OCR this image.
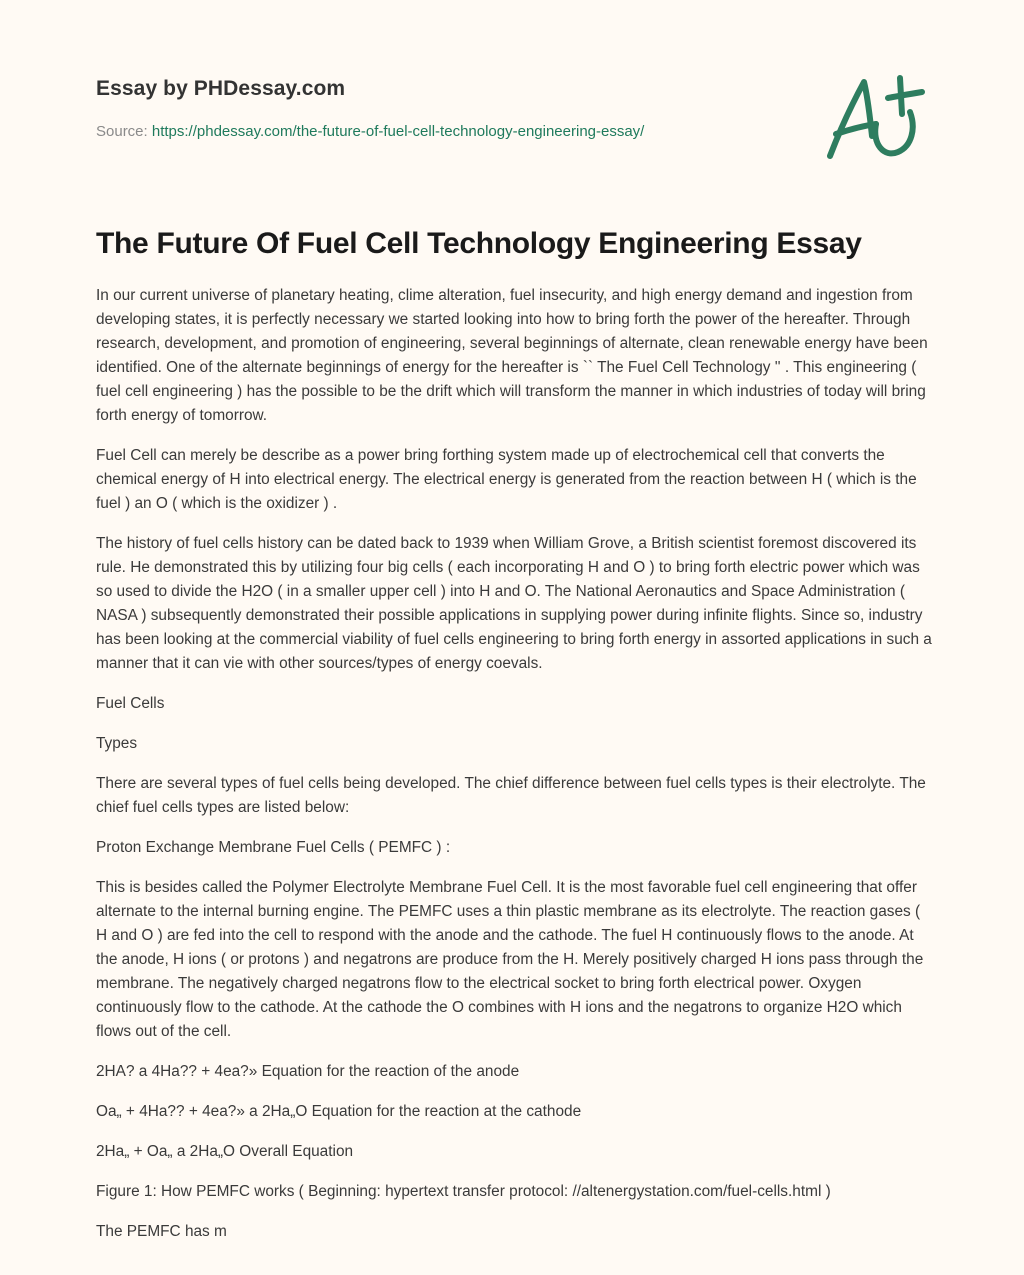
Essay by PHDessay.com
Source: https://phdessay.com/the-future-of-fuel-cell-technology-engineering-essay/
The Future Of Fuel Cell Technology Engineering Essay

In our current universe of planetary heating, clime alteration, fuel insecurity, and high energy demand and ingestion from developing states, it is perfectly necessary we started looking into how to bring forth the power of the hereafter. Through research, development, and promotion of engineering, several beginnings of alternate, clean renewable energy have been identified. One of the alternate beginnings of energy for the hereafter is `` The Fuel Cell Technology '' . This engineering ( fuel cell engineering ) has the possible to be the drift which will transform the manner in which industries of today will bring forth energy of tomorrow.

Fuel Cell can merely be describe as a power bring forthing system made up of electrochemical cell that converts the chemical energy of H into electrical energy. The electrical energy is generated from the reaction between H ( which is the fuel ) an O ( which is the oxidizer ) .

The history of fuel cells history can be dated back to 1939 when William Grove, a British scientist foremost discovered its rule. He demonstrated this by utilizing four big cells ( each incorporating H and O ) to bring forth electric power which was so used to divide the H2O ( in a smaller upper cell ) into H and O. The National Aeronautics and Space Administration ( NASA ) subsequently demonstrated their possible applications in supplying power during infinite flights. Since so, industry has been looking at the commercial viability of fuel cells engineering to bring forth energy in assorted applications in such a manner that it can vie with other sources/types of energy coevals.

Fuel Cells

Types

There are several types of fuel cells being developed. The chief difference between fuel cells types is their electrolyte. The chief fuel cells types are listed below:

Proton Exchange Membrane Fuel Cells ( PEMFC ) :

This is besides called the Polymer Electrolyte Membrane Fuel Cell. It is the most favorable fuel cell engineering that offer alternate to the internal burning engine. The PEMFC uses a thin plastic membrane as its electrolyte. The reaction gases ( H and O ) are fed into the cell to respond with the anode and the cathode. The fuel H continuously flows to the anode. At the anode, H ions ( or protons ) and negatrons are produce from the H. Merely positively charged H ions pass through the membrane. The negatively charged negatrons flow to the electrical socket to bring forth electrical power. Oxygen continuously flow to the cathode. At the cathode the O combines with H ions and the negatrons to organize H2O which flows out of the cell.

2HA? a 4Ha?? + 4ea?» Equation for the reaction of the anode

Oa„ + 4Ha?? + 4ea?» a 2Ha„O Equation for the reaction at the cathode

2Ha„ + Oa„ a 2Ha„O Overall Equation

Figure 1: How PEMFC works ( Beginning: hypertext transfer protocol: //altenergystation.com/fuel-cells.html )

The PEMFC has m
